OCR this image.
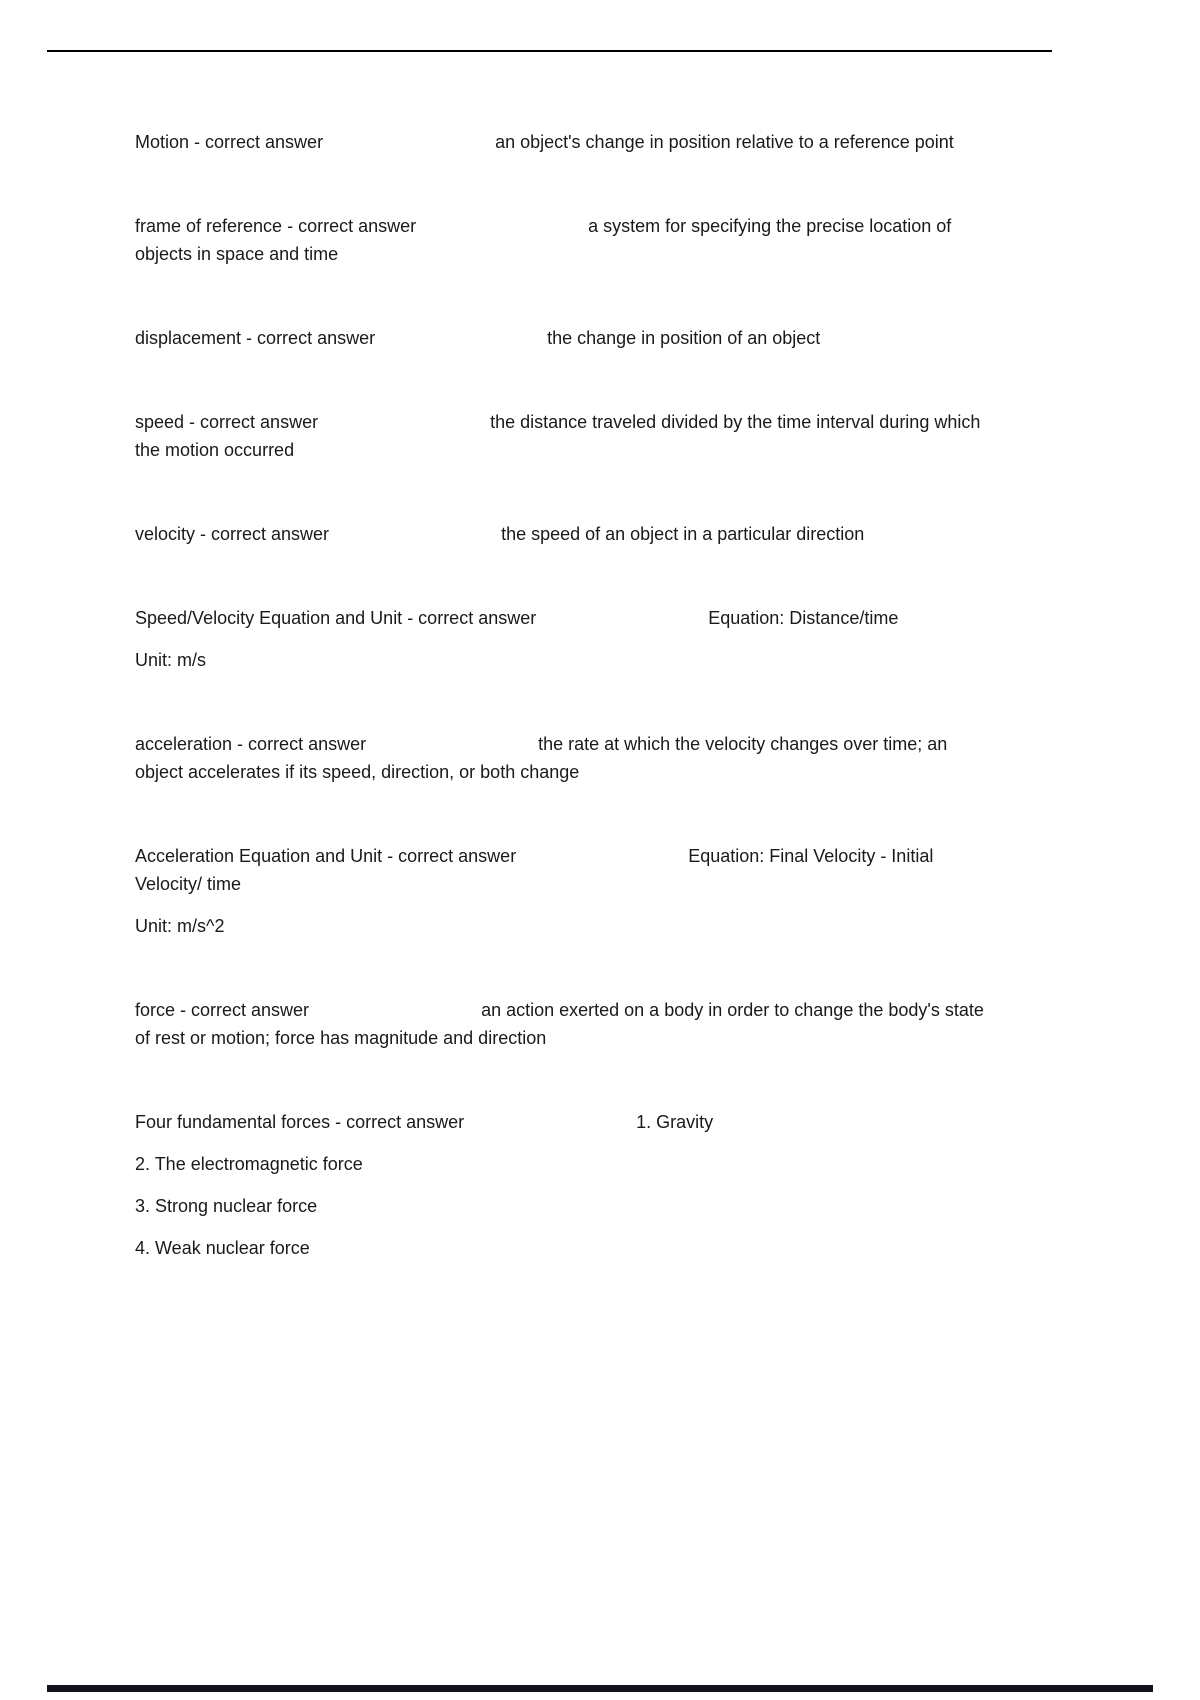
Motion - correct answer	an object's change in position relative to a reference point

frame of reference - correct answer	a system for specifying the precise location of objects in space and time

displacement - correct answer	the change in position of an object

speed - correct answer	the distance traveled divided by the time interval during which the motion occurred

velocity - correct answer	the speed of an object in a particular direction

Speed/Velocity Equation and Unit - correct answer	Equation: Distance/time

Unit: m/s

acceleration - correct answer	the rate at which the velocity changes over time; an object accelerates if its speed, direction, or both change

Acceleration Equation and Unit - correct answer	Equation: Final Velocity - Initial Velocity/ time

Unit: m/s^2

force - correct answer	an action exerted on a body in order to change the body's state of rest or motion; force has magnitude and direction

Four fundamental forces - correct answer	1. Gravity

2. The electromagnetic force

3. Strong nuclear force

4. Weak nuclear force
